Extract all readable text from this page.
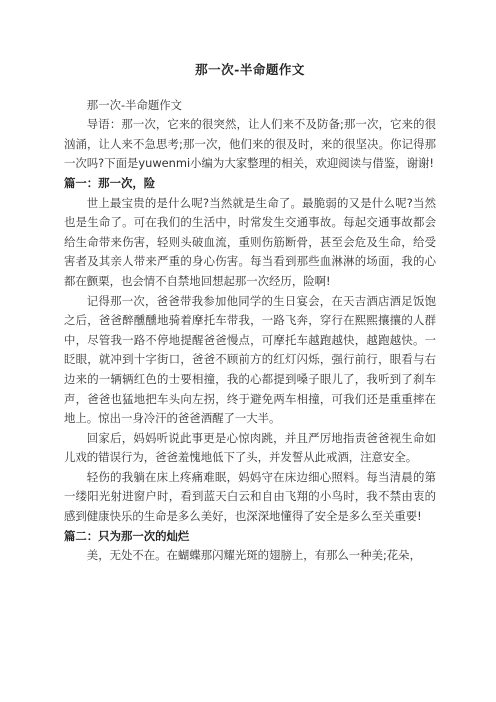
那一次-半命题作文

那一次-半命题作文

导语：那一次，它来的很突然，让人们来不及防备;那一次，它来的很汹涌，让人来不急思考;那一次，他们来的很及时，来的很坚决。你记得那一次吗?下面是yuwenmi小编为大家整理的相关，欢迎阅读与借鉴，谢谢!

篇一：那一次，险

世上最宝贵的是什么呢?当然就是生命了。最脆弱的又是什么呢?当然也是生命了。可在我们的生活中，时常发生交通事故。每起交通事故都会给生命带来伤害，轻则头破血流，重则伤筋断骨，甚至会危及生命，给受害者及其亲人带来严重的身心伤害。每当看到那些血淋淋的场面，我的心都在颤栗，也会情不自禁地回想起那一次经历，险啊!

记得那一次，爸爸带我参加他同学的生日宴会，在天吉酒店酒足饭饱之后，爸爸醉醺醺地骑着摩托车带我，一路飞奔，穿行在熙熙攘攘的人群中，尽管我一路不停地提醒爸爸慢点，可摩托车越跑越快，越跑越快。一眨眼，就冲到十字街口，爸爸不顾前方的红灯闪烁，强行前行，眼看与右边来的一辆辆红色的士要相撞，我的心都提到嗓子眼儿了，我听到了刹车声，爸爸也猛地把车头向左拐，终于避免两车相撞，可我们还是重重摔在地上。惊出一身冷汗的爸爸酒醒了一大半。

回家后，妈妈听说此事更是心惊肉跳，并且严厉地指责爸爸视生命如儿戏的错误行为，爸爸羞愧地低下了头，并发誓从此戒酒，注意安全。

轻伤的我躺在床上疼痛难眠，妈妈守在床边细心照料。每当清晨的第一缕阳光射进窗户时，看到蓝天白云和自由飞翔的小鸟时，我不禁由衷的感到健康快乐的生命是多么美好，也深深地懂得了安全是多么至关重要!

篇二：只为那一次的灿烂

美，无处不在。在蝴蝶那闪耀光斑的翅膀上，有那么一种美;花朵，
